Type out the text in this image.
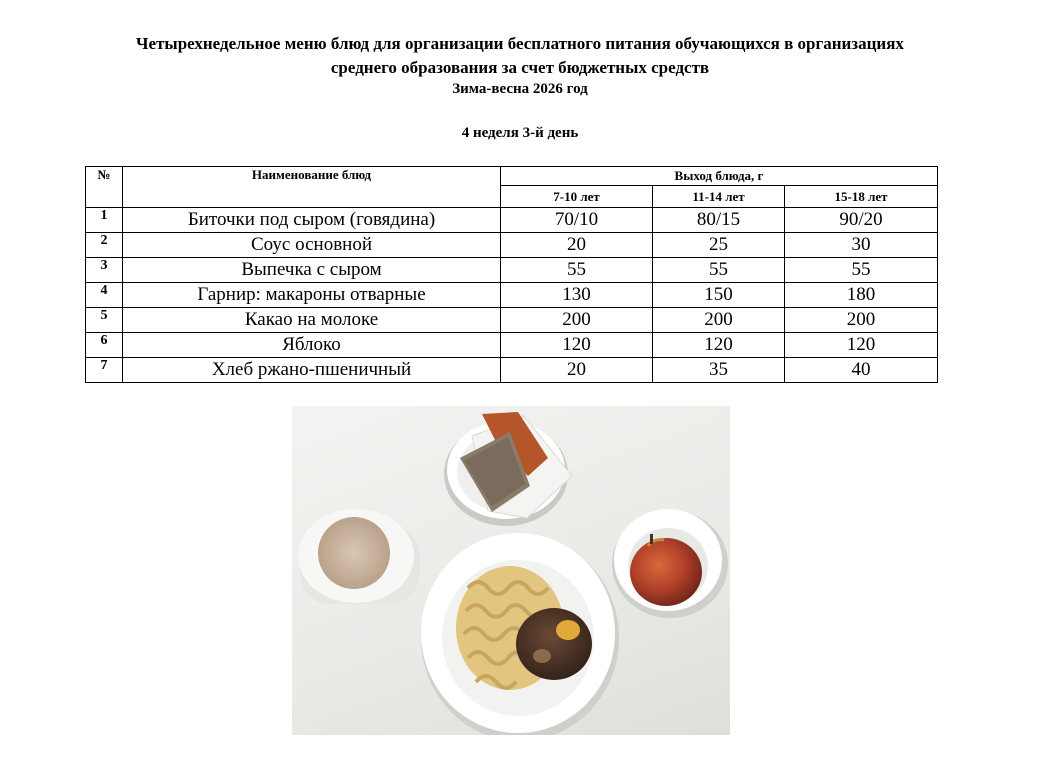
Четырехнедельное меню блюд для организации бесплатного питания обучающихся в организациях
среднего образования за счет бюджетных средств
Зима-весна 2026 год
4 неделя 3-й день
№	Наименование блюд	Выход блюда, г		
		7-10 лет	11-14 лет	15-18 лет
1	Биточки под сыром (говядина)	70/10	80/15	90/20
2	Соус основной	20	25	30
3	Выпечка с сыром	55	55	55
4	Гарнир: макароны отварные	130	150	180
5	Какао на молоке	200	200	200
6	Яблоко	120	120	120
7	Хлеб ржано-пшеничный	20	35	40
